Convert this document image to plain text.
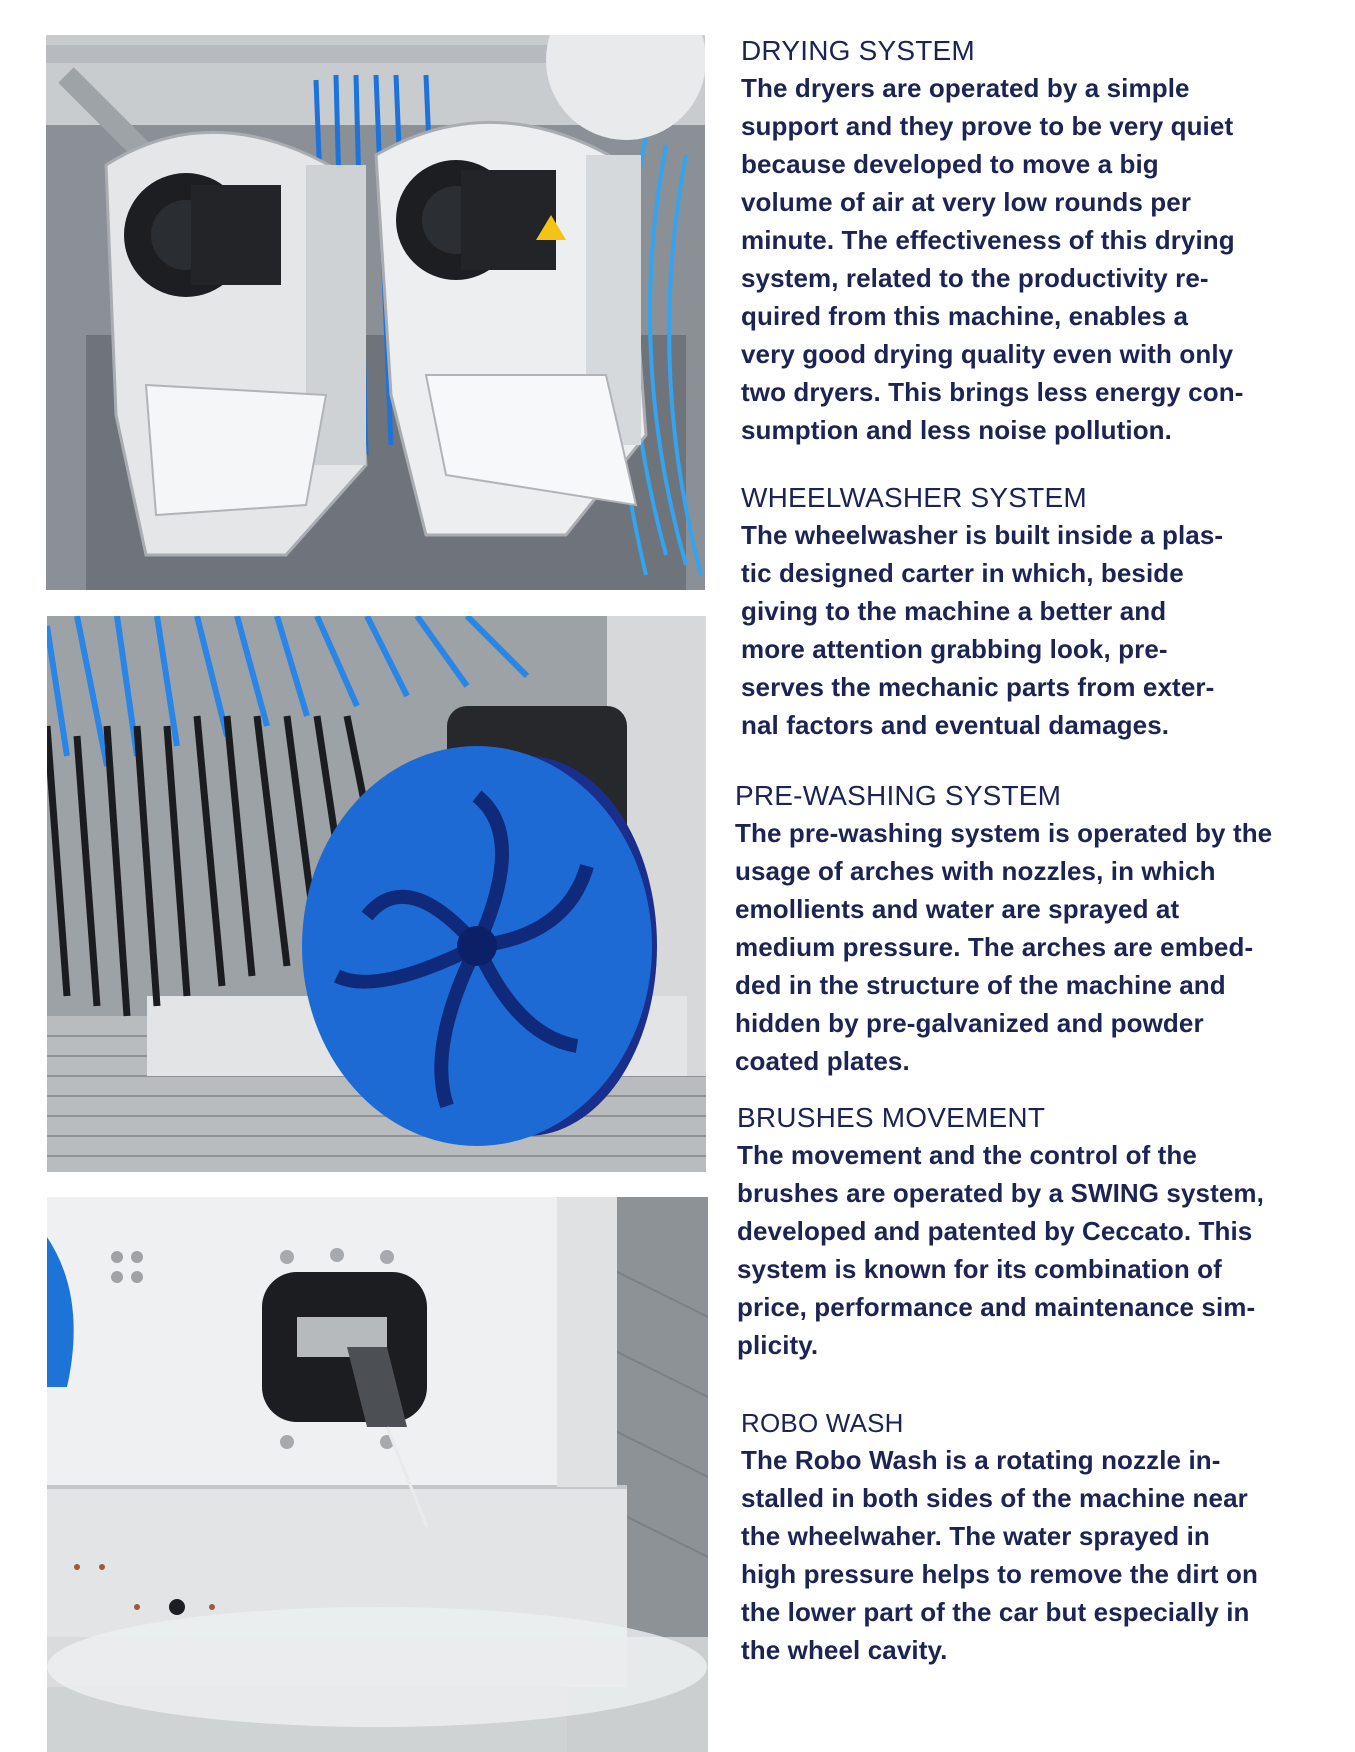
DRYING SYSTEM

The dryers are operated by a simple
support and they prove to be very quiet
because developed to move a big
volume of air at very low rounds per
minute. The effectiveness of this drying
system, related to the productivity re-
quired from this machine, enables a
very good drying quality even with only
two dryers. This brings less energy con-
sumption and less noise pollution.

WHEELWASHER SYSTEM

The wheelwasher is built inside a plas-
tic designed carter in which, beside
giving to the machine a better and
more attention grabbing look, pre-
serves the mechanic parts from exter-
nal factors and eventual damages.

PRE-WASHING SYSTEM

The pre-washing system is operated by the
usage of arches with nozzles, in which
emollients and water are sprayed at
medium pressure. The arches are embed-
ded in the structure of the machine and
hidden by pre-galvanized and powder
coated plates.

BRUSHES MOVEMENT

The movement and the control of the
brushes are operated by a SWING system,
developed and patented by Ceccato. This
system is known for its combination of
price, performance and maintenance sim-
plicity.

ROBO WASH

The Robo Wash is a rotating nozzle in-
stalled in both sides of the machine near
the wheelwaher. The water sprayed in
high pressure helps to remove the dirt on
the lower part of the car but especially in
the wheel cavity.
